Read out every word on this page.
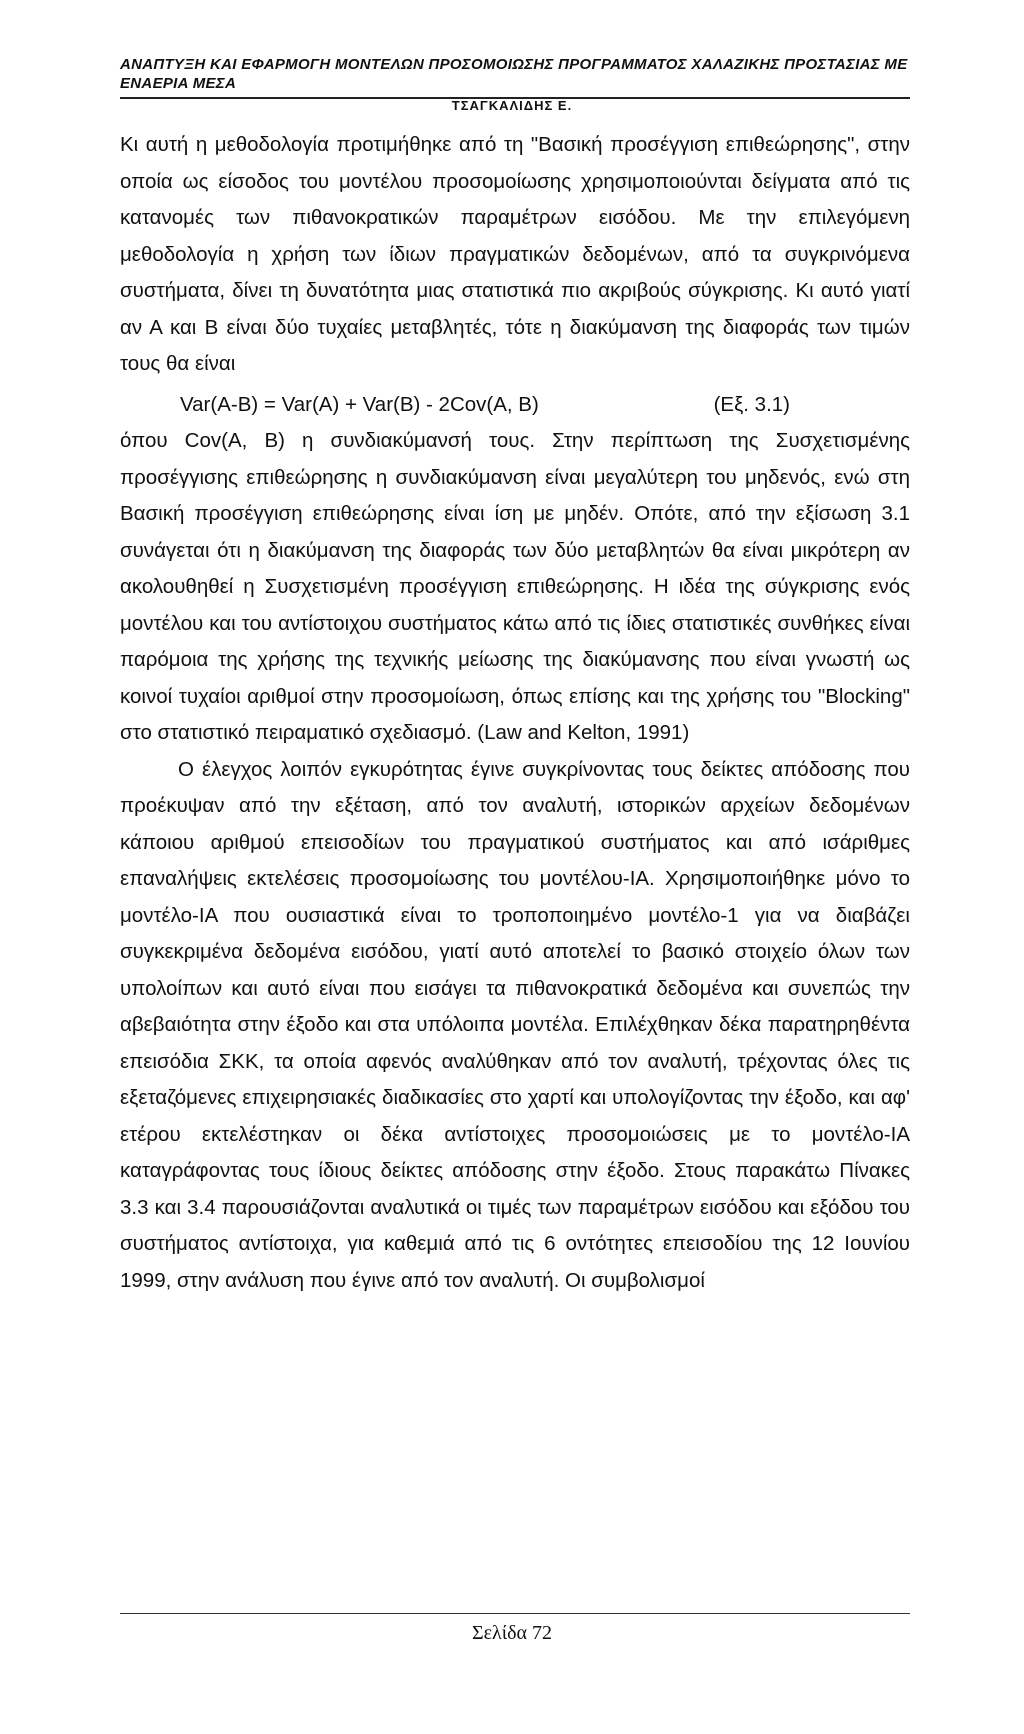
ΑΝΑΠΤΥΞΗ ΚΑΙ ΕΦΑΡΜΟΓΗ ΜΟΝΤΕΛΩΝ ΠΡΟΣΟΜΟΙΩΣΗΣ ΠΡΟΓΡΑΜΜΑΤΟΣ ΧΑΛΑΖΙΚΗΣ ΠΡΟΣΤΑΣΙΑΣ ΜΕ
ΕΝΑΕΡΙΑ ΜΕΣΑ
ΤΣΑΓΚΑΛΙΔΗΣ Ε.

Κι αυτή η μεθοδολογία προτιμήθηκε από τη "Βασική προσέγγιση επιθεώρησης", στην οποία ως είσοδος του μοντέλου προσομοίωσης χρησιμοποιούνται δείγματα από τις κατανομές των πιθανοκρατικών παραμέτρων εισόδου. Με την επιλεγόμενη μεθοδολογία η χρήση των ίδιων πραγματικών δεδομένων, από τα συγκρινόμενα συστήματα, δίνει τη δυνατότητα μιας στατιστικά πιο ακριβούς σύγκρισης. Κι αυτό γιατί αν Α και Β είναι δύο τυχαίες μεταβλητές, τότε η διακύμανση της διαφοράς των τιμών τους θα είναι

Var(A-B) = Var(A) + Var(B) - 2Cov(A, B)	(Εξ. 3.1)

όπου Cov(A, B) η συνδιακύμανσή τους. Στην περίπτωση της Συσχετισμένης προσέγγισης επιθεώρησης η συνδιακύμανση είναι μεγαλύτερη του μηδενός, ενώ στη Βασική προσέγγιση επιθεώρησης είναι ίση με μηδέν. Οπότε, από την εξίσωση 3.1 συνάγεται ότι η διακύμανση της διαφοράς των δύο μεταβλητών θα είναι μικρότερη αν ακολουθηθεί η Συσχετισμένη προσέγγιση επιθεώρησης. Η ιδέα της σύγκρισης ενός μοντέλου και του αντίστοιχου συστήματος κάτω από τις ίδιες στατιστικές συνθήκες είναι παρόμοια της χρήσης της τεχνικής μείωσης της διακύμανσης που είναι γνωστή ως κοινοί τυχαίοι αριθμοί στην προσομοίωση, όπως επίσης και της χρήσης του "Blocking" στο στατιστικό πειραματικό σχεδιασμό. (Law and Kelton, 1991)

Ο έλεγχος λοιπόν εγκυρότητας έγινε συγκρίνοντας τους δείκτες απόδοσης που προέκυψαν από την εξέταση, από τον αναλυτή, ιστορικών αρχείων δεδομένων κάποιου αριθμού επεισοδίων του πραγματικού συστήματος και από ισάριθμες επαναλήψεις εκτελέσεις προσομοίωσης του μοντέλου-ΙΑ. Χρησιμοποιήθηκε μόνο το μοντέλο-ΙΑ που ουσιαστικά είναι το τροποποιημένο μοντέλο-1 για να διαβάζει συγκεκριμένα δεδομένα εισόδου, γιατί αυτό αποτελεί το βασικό στοιχείο όλων των υπολοίπων και αυτό είναι που εισάγει τα πιθανοκρατικά δεδομένα και συνεπώς την αβεβαιότητα στην έξοδο και στα υπόλοιπα μοντέλα. Επιλέχθηκαν δέκα παρατηρηθέντα επεισόδια ΣΚΚ, τα οποία αφενός αναλύθηκαν από τον αναλυτή, τρέχοντας όλες τις εξεταζόμενες επιχειρησιακές διαδικασίες στο χαρτί και υπολογίζοντας την έξοδο, και αφ' ετέρου εκτελέστηκαν οι δέκα αντίστοιχες προσομοιώσεις με το μοντέλο-ΙΑ καταγράφοντας τους ίδιους δείκτες απόδοσης στην έξοδο. Στους παρακάτω Πίνακες 3.3 και 3.4 παρουσιάζονται αναλυτικά οι τιμές των παραμέτρων εισόδου και εξόδου του συστήματος αντίστοιχα, για καθεμιά από τις 6 οντότητες επεισοδίου της 12 Ιουνίου 1999, στην ανάλυση που έγινε από τον αναλυτή. Οι συμβολισμοί

Σελίδα 72
